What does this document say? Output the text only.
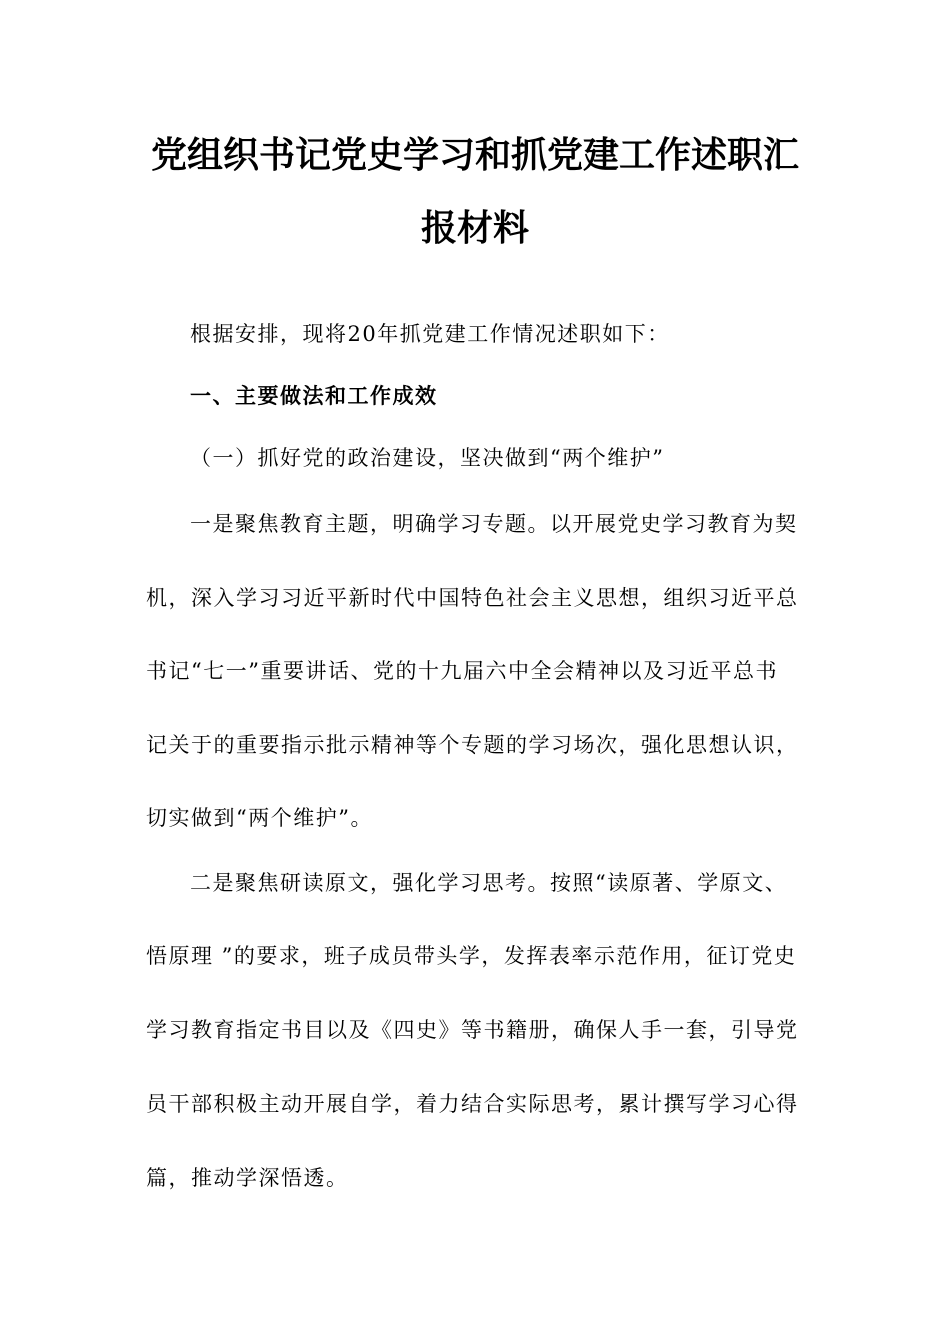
党组织书记党史学习和抓党建工作述职汇
报材料
根据安排，现将20年抓党建工作情况述职如下：
一、主要做法和工作成效
（一）抓好党的政治建设，坚决做到“两个维护”
一是聚焦教育主题，明确学习专题。以开展党史学习教育为契
机，深入学习习近平新时代中国特色社会主义思想，组织习近平总
书记“七一”重要讲话、党的十九届六中全会精神以及习近平总书
记关于的重要指示批示精神等个专题的学习场次，强化思想认识，
切实做到“两个维护”。
二是聚焦研读原文，强化学习思考。按照“读原著、学原文、
悟原理 ”的要求，班子成员带头学，发挥表率示范作用，征订党史
学习教育指定书目以及《四史》等书籍册，确保人手一套，引导党
员干部积极主动开展自学，着力结合实际思考，累计撰写学习心得
篇，推动学深悟透。
